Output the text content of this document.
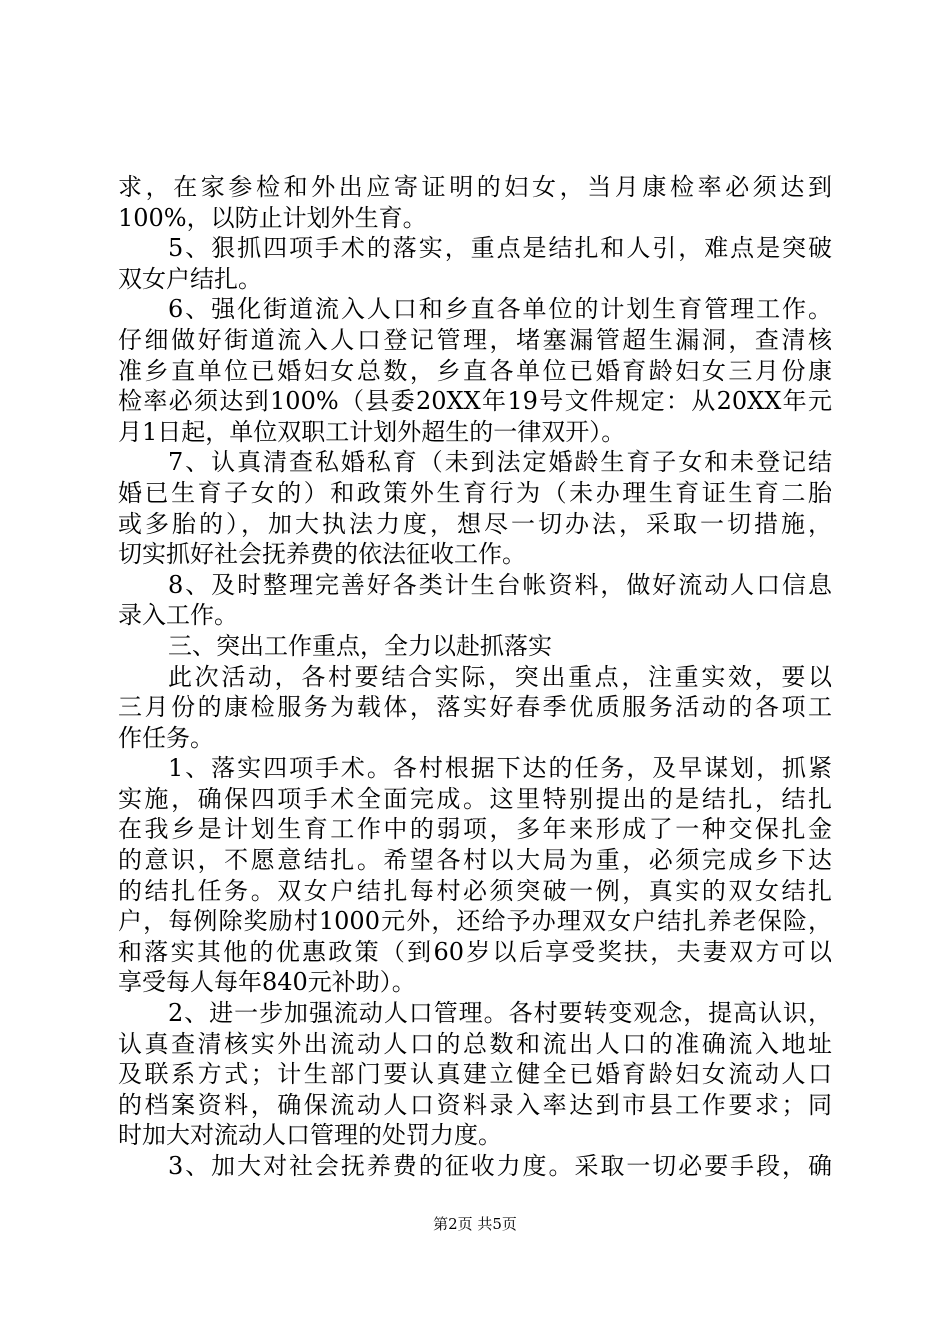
求，在家参检和外出应寄证明的妇女，当月康检率必须达到
100%，以防止计划外生育。
5、狠抓四项手术的落实，重点是结扎和人引，难点是突破
双女户结扎。
6、强化街道流入人口和乡直各单位的计划生育管理工作。
仔细做好街道流入人口登记管理，堵塞漏管超生漏洞，查清核
准乡直单位已婚妇女总数，乡直各单位已婚育龄妇女三月份康
检率必须达到100%（县委20XX年19号文件规定：从20XX年元
月1日起，单位双职工计划外超生的一律双开）。
7、认真清查私婚私育（未到法定婚龄生育子女和未登记结
婚已生育子女的）和政策外生育行为（未办理生育证生育二胎
或多胎的），加大执法力度，想尽一切办法，采取一切措施，
切实抓好社会抚养费的依法征收工作。
8、及时整理完善好各类计生台帐资料，做好流动人口信息
录入工作。
三、突出工作重点，全力以赴抓落实
此次活动，各村要结合实际，突出重点，注重实效，要以
三月份的康检服务为载体，落实好春季优质服务活动的各项工
作任务。
1、落实四项手术。各村根据下达的任务，及早谋划，抓紧
实施，确保四项手术全面完成。这里特别提出的是结扎，结扎
在我乡是计划生育工作中的弱项，多年来形成了一种交保扎金
的意识，不愿意结扎。希望各村以大局为重，必须完成乡下达
的结扎任务。双女户结扎每村必须突破一例，真实的双女结扎
户，每例除奖励村1000元外，还给予办理双女户结扎养老保险，
和落实其他的优惠政策（到60岁以后享受奖扶，夫妻双方可以
享受每人每年840元补助）。
2、进一步加强流动人口管理。各村要转变观念，提高认识，
认真查清核实外出流动人口的总数和流出人口的准确流入地址
及联系方式；计生部门要认真建立健全已婚育龄妇女流动人口
的档案资料，确保流动人口资料录入率达到市县工作要求；同
时加大对流动人口管理的处罚力度。
3、加大对社会抚养费的征收力度。采取一切必要手段，确
第2页 共5页
